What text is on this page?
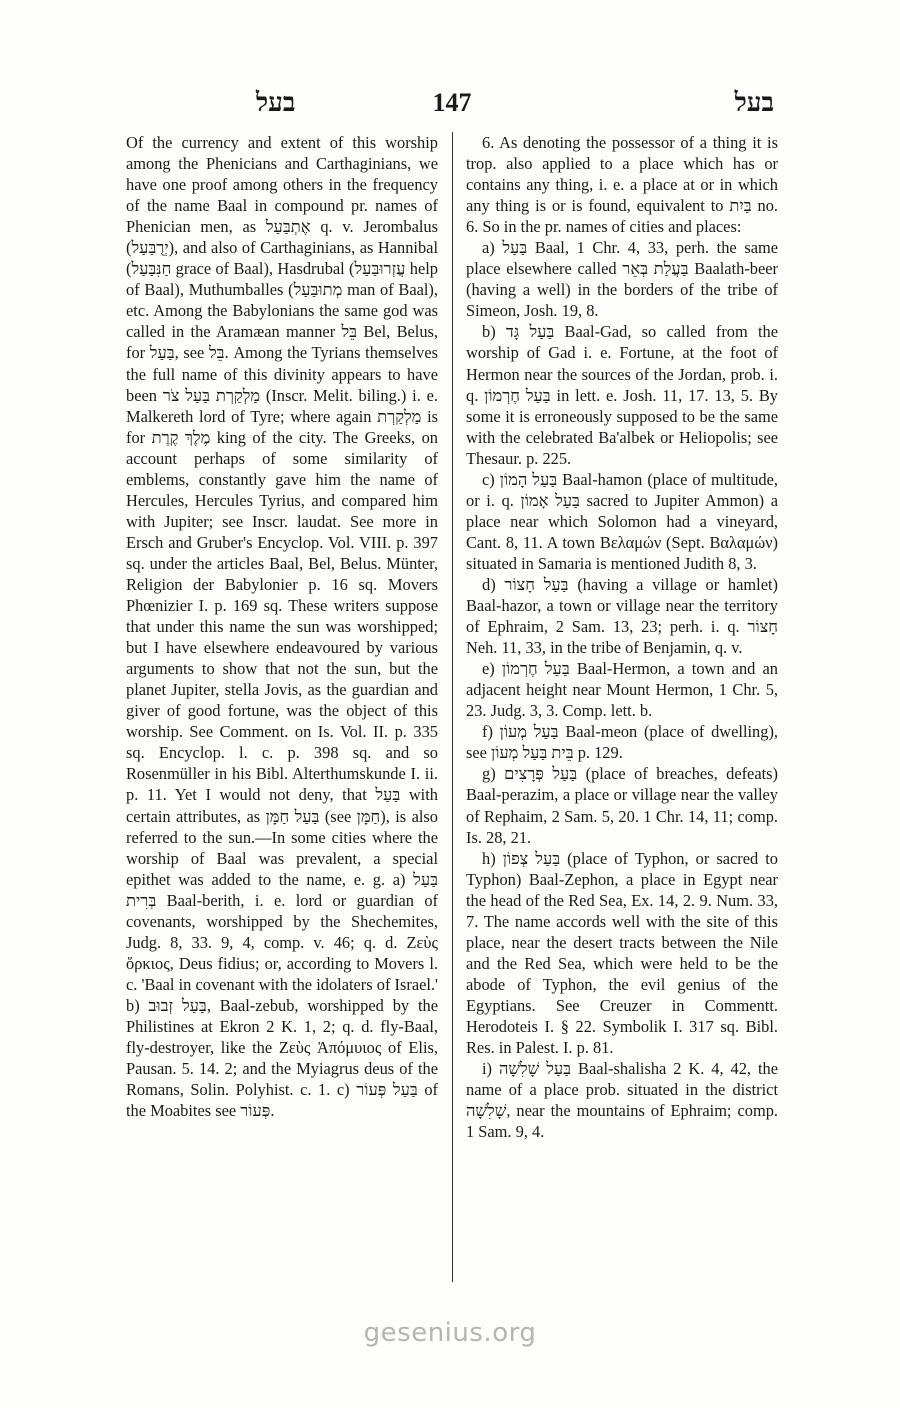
בעל	147	בעל

Of the currency and extent of this worship among the Phenicians and Carthaginians, we have one proof among others in the frequency of the name Baal in compound pr. names of Phenician men, as אֶתְבַּעַל q. v. Jerombalus (יְרֻבַּעַל), and also of Carthaginians, as Hannibal (חַנִּבַּעַל grace of Baal), Hasdrubal (עֲזְרוּבַּעַל help of Baal), Muthumballes (מְתוּבַּעַל man of Baal), etc. Among the Babylonians the same god was called in the Aramæan manner בֵּל Bel, Belus, for בַּעַל, see בֵּל. Among the Tyrians themselves the full name of this divinity appears to have been מַלְקַרְת בַּעַל צֹר (Inscr. Melit. biling.) i. e. Malkereth lord of Tyre; where again מַלְקַרְת is for מֶלֶךְ קֶרֶת king of the city. The Greeks, on account perhaps of some similarity of emblems, constantly gave him the name of Hercules, Hercules Tyrius, and compared him with Jupiter; see Inscr. laudat. See more in Ersch and Gruber's Encyclop. Vol. VIII. p. 397 sq. under the articles Baal, Bel, Belus. Münter, Religion der Babylonier p. 16 sq. Movers Phœnizier I. p. 169 sq. These writers suppose that under this name the sun was worshipped; but I have elsewhere endeavoured by various arguments to show that not the sun, but the planet Jupiter, stella Jovis, as the guardian and giver of good fortune, was the object of this worship. See Comment. on Is. Vol. II. p. 335 sq. Encyclop. l. c. p. 398 sq. and so Rosenmüller in his Bibl. Alterthumskunde I. ii. p. 11. Yet I would not deny, that בַּעַל with certain attributes, as בַּעַל חַמָּן (see חַמָּן), is also referred to the sun.—In some cities where the worship of Baal was prevalent, a special epithet was added to the name, e. g. a) בַּעַל בְּרִית Baal-berith, i. e. lord or guardian of covenants, worshipped by the Shechemites, Judg. 8, 33. 9, 4, comp. v. 46; q. d. Ζεὺς ὅρκιος, Deus fidius; or, according to Movers l. c. 'Baal in covenant with the idolaters of Israel.' b) בַּעַל זְבוּב, Baal-zebub, worshipped by the Philistines at Ekron 2 K. 1, 2; q. d. fly-Baal, fly-destroyer, like the Ζεὺς Ἀπόμυιος of Elis, Pausan. 5. 14. 2; and the Myiagrus deus of the Romans, Solin. Polyhist. c. 1. c) בַּעַל פְּעוֹר of the Moabites see פְּעוֹר.

6. As denoting the possessor of a thing it is trop. also applied to a place which has or contains any thing, i. e. a place at or in which any thing is or is found, equivalent to בַּיִת no. 6. So in the pr. names of cities and places:

a) בַּעַל Baal, 1 Chr. 4, 33, perh. the same place elsewhere called בַּעֲלַת בְּאֵר Baalath-beer (having a well) in the borders of the tribe of Simeon, Josh. 19, 8.

b) בַּעַל גָּד Baal-Gad, so called from the worship of Gad i. e. Fortune, at the foot of Hermon near the sources of the Jordan, prob. i. q. בַּעַל חֶרְמוֹן in lett. e. Josh. 11, 17. 13, 5. By some it is erroneously supposed to be the same with the celebrated Ba'albek or Heliopolis; see Thesaur. p. 225.

c) בַּעַל הָמוֹן Baal-hamon (place of multitude, or i. q. בַּעַל אָמוֹן sacred to Jupiter Ammon) a place near which Solomon had a vineyard, Cant. 8, 11. A town Βελαμών (Sept. Βαλαμών) situated in Samaria is mentioned Judith 8, 3.

d) בַּעַל חָצוֹר (having a village or hamlet) Baal-hazor, a town or village near the territory of Ephraim, 2 Sam. 13, 23; perh. i. q. חָצוֹר Neh. 11, 33, in the tribe of Benjamin, q. v.

e) בַּעַל חֶרְמוֹן Baal-Hermon, a town and an adjacent height near Mount Hermon, 1 Chr. 5, 23. Judg. 3, 3. Comp. lett. b.

f) בַּעַל מְעוֹן Baal-meon (place of dwelling), see בֵּית בַּעַל מְעוֹן p. 129.

g) בַּעַל פְּרָצִים (place of breaches, defeats) Baal-perazim, a place or village near the valley of Rephaim, 2 Sam. 5, 20. 1 Chr. 14, 11; comp. Is. 28, 21.

h) בַּעַל צְפוֹן (place of Typhon, or sacred to Typhon) Baal-Zephon, a place in Egypt near the head of the Red Sea, Ex. 14, 2. 9. Num. 33, 7. The name accords well with the site of this place, near the desert tracts between the Nile and the Red Sea, which were held to be the abode of Typhon, the evil genius of the Egyptians. See Creuzer in Commentt. Herodoteis I. § 22. Symbolik I. 317 sq. Bibl. Res. in Palest. I. p. 81.

i) בַּעַל שָׁלִשָׁה Baal-shalisha 2 K. 4, 42, the name of a place prob. situated in the district שָׁלִשָׁה, near the mountains of Ephraim; comp. 1 Sam. 9, 4.

gesenius.org
